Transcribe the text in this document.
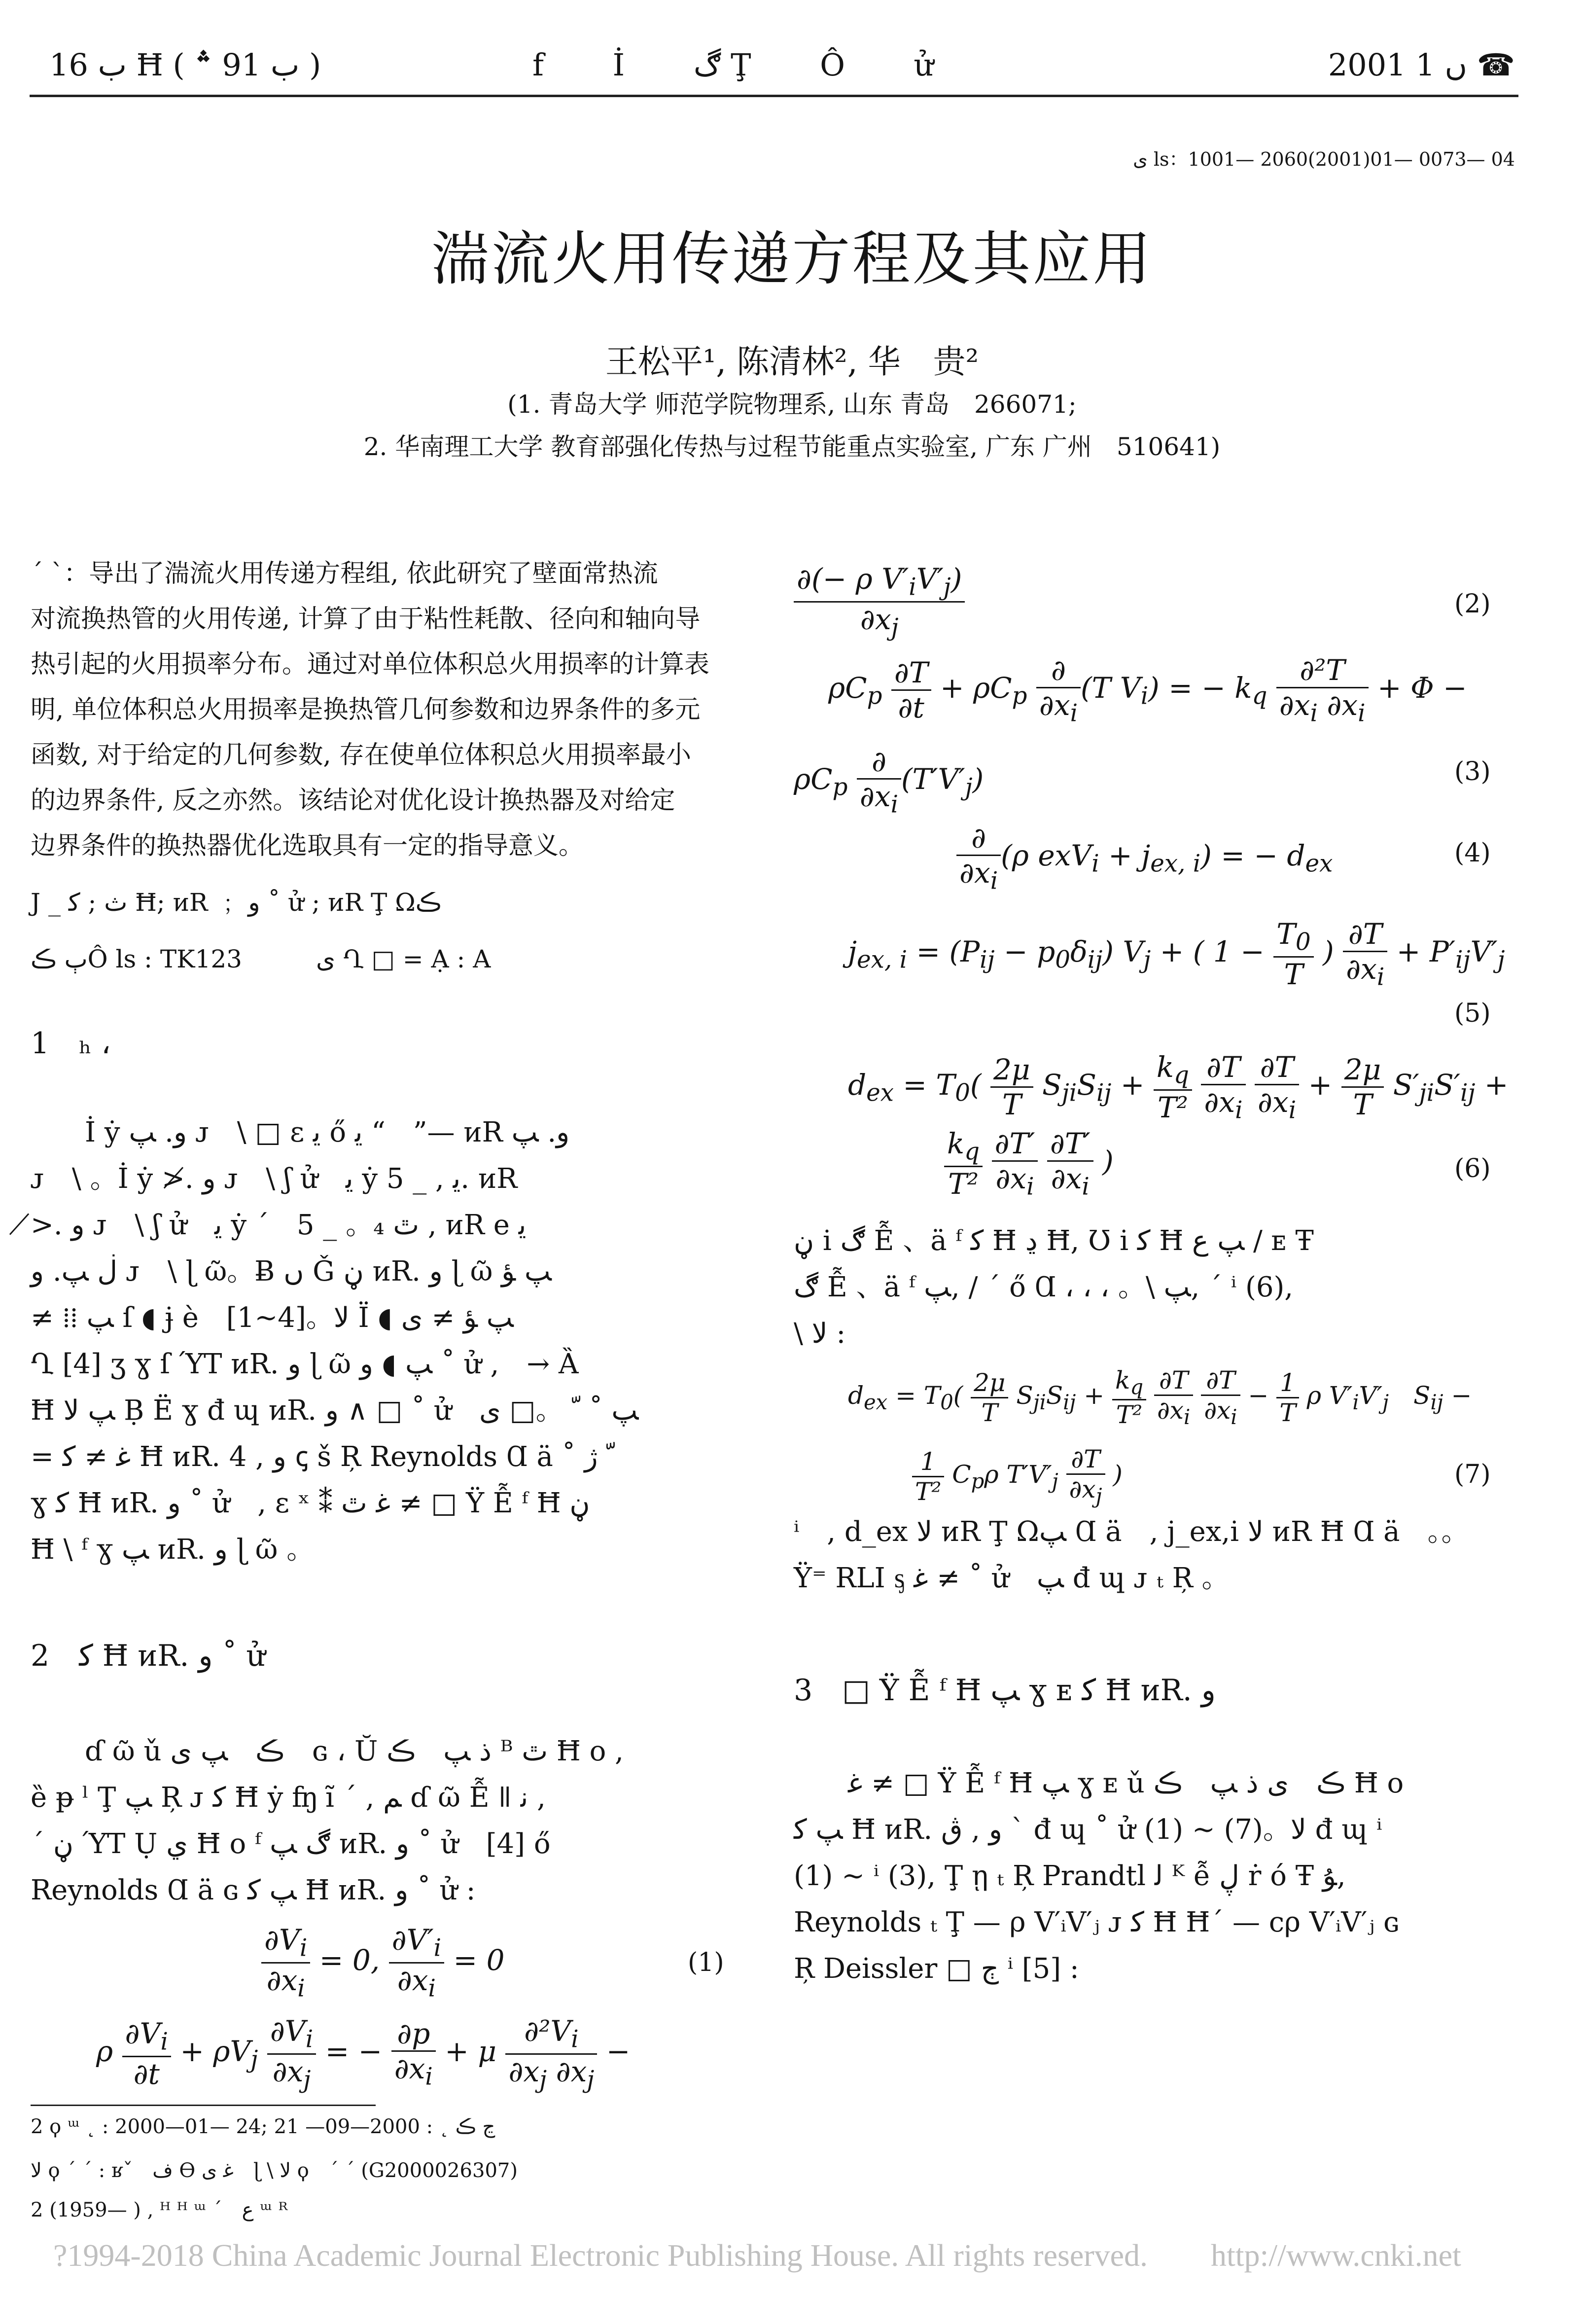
ب 16 Ħ ( ب 91 ؞ )	f İ ڰ Ţ Ô ử	2001 ں 1 ☎
ى ls：1001— 2060(2001)01— 0073— 04
湍流火用传递方程及其应用
王松平¹, 陈清林², 华　贵²
(1. 青岛大学 师范学院物理系, 山东 青岛　266071;
2. 华南理工大学 教育部强化传热与过程节能重点实验室, 广东 广州　510641)
ˊ ˋ：导出了湍流火用传递方程组, 依此研究了壁面常热流
对流换热管的火用传递, 计算了由于粘性耗散、径向和轴向导
热引起的火用损率分布。通过对单位体积总火用损率的计算表
明, 单位体积总火用损率是换热管几何参数和边界条件的多元
函数, 对于给定的几何参数, 存在使单位体积总火用损率最小
的边界条件, 反之亦然。该结论对优化设计换热器及对给定
边界条件的换热器优化选取具有一定的指导意义。
J _ ث ; ﻛ Ħ; ᴎR ﹔ ﻭ ˚ ử ; ᴎR Ţ Ωڪ
ٻ ڪÔ ls : TK123　　　ى Ղ □ = Ạ : A
1　ₕ ،
İ ẏ ﻭ. ﭗ ᴊ　\ □ ε ﻳ ő ﻳ “　”— ᴎR ﻭ. ﭗ
ᴊ　\ 。İ ẏ ≯. ﻭ ᴊ　\ ʃ ử　ﻳ ẏ 5 _ , ﻳ. ᴎR
≯. ﻭ ᴊ　\ ʃ ử　ﻳ ẏ ´　5 _ 。₄ ٿ , ᴎR e ﻳ
ڶ ﭗ. ﻭ ᴊ　\ ɭ ῶ。Ƀ ں Ǧ ڼ ᴎR. ﻭ ɭ ῶ ﭗ ﺆ
≠ ⁞⁞ ﭗ ſ ◖ ɉ è　[1~4]。ﻻ Ï ◖ ﭗ ﺆ ≠ ى
Ղ [4] ʒ ɣ ſ ΎΤ ᴎR. ﻭ ɭ ῶ ﭗ ◖ ﻭ ˚ ử ,　→ Ȁ
Ħ ﭗ ﻻ Ḅ Ë ɣ đ ɰ ᴎR. ﻭ ∧ □ ˚ ử　ﭗ ˚ ﹼ 。□ ى
= ﻏ ≠ ﻛ Ħ ᴎR. ﻭ , 4 ꞔ š Ŗ Reynolds Ɑ ä ˚ ﹼ ژ
ɣ ﻛ Ħ ᴎR. ﻭ ˚ ử　, ε ˣ ⁑ ﻏ ٿ ≠ □ Ÿ Ễ ᶠ Ħ ڼ
Ħ \ ᶠ ɣ ﭗ ᴎR. ﻭ ɭ ῶ 。
2　ﻛ Ħ ᴎR. ﻭ ˚ ử
ɗ ῶ ǔ ڪ　ﭗ ى　ɢ ، Ŭ ذ ﭗ　ڪ ᴮ ٿ Ħ o ,
ȅ ᵽ ˡ Ţ ﭗ Ŗ ᴊ ﻛ Ħ ẏ ʩ ĩ ´ , ﻢ ɗ ῶ Ễ ǁ ﻧ ,
ˊ ڼ ΎΤ Ụ ﻱ Ħ o ᶠ ڰ ﭗ ᴎR. ﻭ ˚ ử　[4] ő
Reynolds Ɑ ä ɢ ﭗ ﻛ Ħ ᴎR. ﻭ ˚ ử :
$\frac{\partial V_i}{\partial x_i} = 0$, $\frac{\partial V'_i}{\partial x_i} = 0$	(1)
ρ $\frac{\partial V_i}{\partial t} + \rho V_j \frac{\partial V_i}{\partial x_j}$ = − $\frac{\partial p}{\partial x_i} + \mu \frac{\partial^2V_i}{\partial x_j \partial x_j}$ −
$\frac{\partial(- \rho V'_iV'_j)}{\partial x_j}$	(2)
$\rho C_p \frac{\partial T}{\partial t} + \rho C_p \frac{\partial}{\partial x_i} (T$ $V_i$) = − $k_q \frac{\text{∂²T}}{\partial x_i \partial x_i} + \Phi$ −
$\rho C_p \frac{\partial}{\partial x_i} (T'V'_j)$	(3)
$\frac{\partial}{\partial x_i} (\rho$ $exV_i + j_{ex, i}$) = − $d_{ex}$	(4)
$j_{ex, i} = (P_{ij} - p_0\delta_{ij}) V_j$ + ( $1 - \frac{T_0}{T}$ ) $\frac{\partial T}{\partial x_i} + P'_{ij}V'_j$
(5)
$d_{ex} = T_0( \frac{2\mu}{T} S_{ji}S_{ij} + \frac{k_q}{\text{T²}}$
$\frac{\partial T}{\partial x_i}$
$\frac{\partial T}{\partial x_i} + \frac{2\mu}{T} S'_{ji}S'_{ij}$ +
$\frac{k_q}{\text{T²}}$
$\frac{\partial T'}{\partial x_i}$
$\frac{\partial T'}{\partial x_i}$ )	(6)
ڼ ⅰ ڰ Ễ 、ä ᶠ ﻛ Ħ ڍ Ħ, Ʊ ⅰ ﻛ Ħ ﭗ ﻉ ∕ ᴇ Ŧ
ڰ Ễ 、ä ᶠ ﭗ, ∕ ´ ő Ɑ ، ، ، 。\ ﭗ, ˊ ⁱ (6),
\ ﻻ :
$d_{ex} = T_0( \frac{2\mu}{T} S_{ji}S_{ij} + \frac{k_q}{\text{T²}}$
$\frac{\partial T}{\partial x_i}$
$\frac{\partial T}{\partial x_i} - \frac{1}{T}$ ρ $V'_iV'_j$　$S_{ij}$ −
$\frac{1}{\text{T²}} C_p\rho$ $T'V'_j \frac{\partial T}{\partial x_j}$ )	(7)
ⁱ　, d_ex ﻻ ᴎR Ţ Ωﭗ Ɑ ä　, j_ex,i ﻻ ᴎR Ħ Ɑ ä　。。
Ÿ⁼ RLI ᶊ ﻏ ≠ ˚ ử　ﭗ đ ɰ ᴊ ₜ Ŗ 。
3　□ Ÿ Ễ ᶠ Ħ ﭗ ɣ ᴇ ﻛ Ħ ᴎR. ﻭ
ﻏ ≠ □ Ÿ Ễ ᶠ Ħ ﭗ ɣ ᴇ ǔ ڪ　ى ذ ﭗ　ڪ Ħ o
ﭗ ﻛ Ħ ᴎR. ﻭ , ڨ ˋ đ ɰ ˚ ử (1) ~ (7)。ﻻ đ ɰ ⁱ
(1) ~ ⁱ (3), Ţ ῃ ₜ Ŗ Prandtl ﻟ ᴷ ễ ڸ ṙ ó Ŧ ﯘ,
Reynolds ₜ Ţ — ρ V′ᵢV′ⱼ ᴊ ﻛ Ħ Ħ´ — cρ V′ᵢV′ⱼ ɢ
Ŗ Deissler □ ڄ ⁱ [5] :
2 ϙ ᵚ ˛ : 2000—01— 24; ڃ ڪ ˛ : 2000—09— 21
ﻻ ϙ ˊ ˊ : ʁˇ　ﻑ ϴ ﻏ ى　ɭ \ ﻻ ϙ　ˊ ˊ (G2000026307)
2 (1959— ) , ᴴ ᴴ ᵚ ˊ　ﻉ ᵚ ᴿ
?1994-2018 China Academic Journal Electronic Publishing House. All rights reserved.　　http://www.cnki.net
